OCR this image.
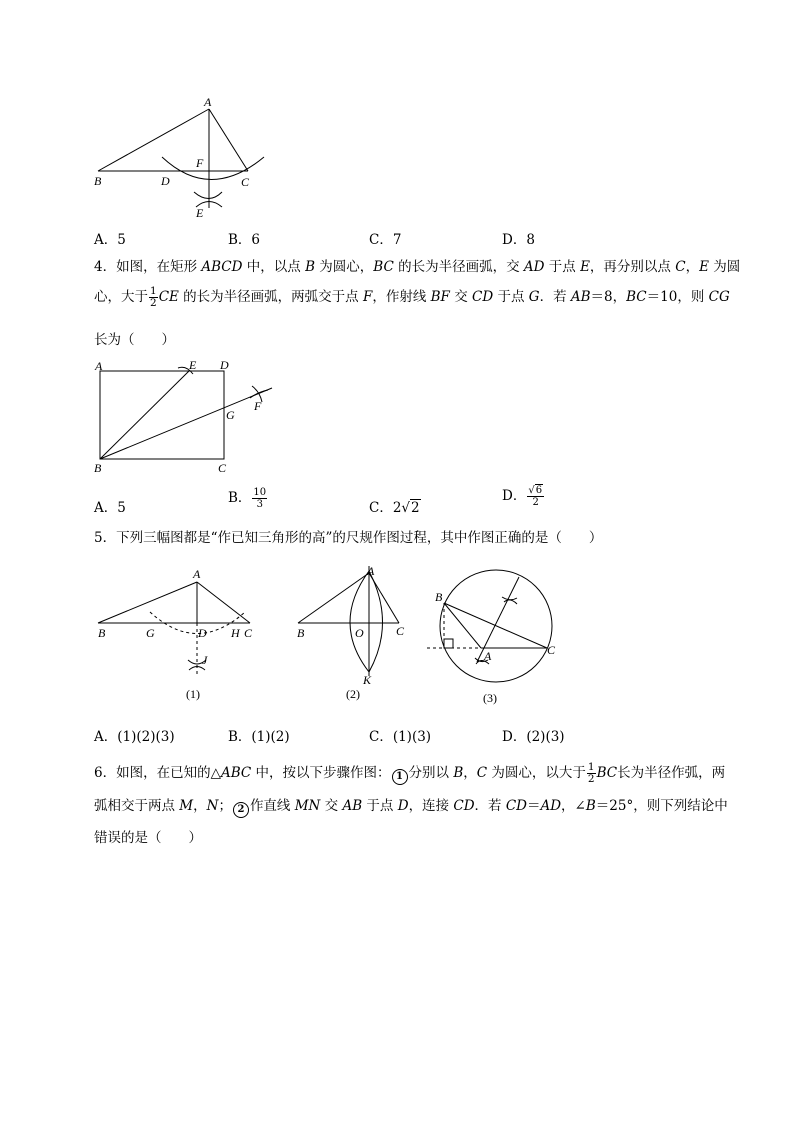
A
B	D	C
F
E
A．5	B．6	C．7	D．8
4．如图，在矩形 ABCD 中，以点 B 为圆心，BC 的长为半径画弧，交 AD 于点 E，再分别以点 C，E 为圆
心，大于 $\frac{1}{2}$ CE 的长为半径画弧，两弧交于点 F，作射线 BF 交 CD 于点 G．若 AB＝8，BC＝10，则 CG
长为（　　）
A	E D
G
F
B	C
A．5
B． $\frac{10}{3}$	C．2√2
D． $\frac{√6}{2}$
5．下列三幅图都是“作已知三角形的高”的尺规作图过程，其中作图正确的是（　　）
A
B	G	D H C
J
(1)
A
B	O	C
K
(2)
B
A	C
(3)
A．(1)(2)(3)	B．(1)(2)	C．(1)(3)	D．(2)(3)
6．如图，在已知的△ABC 中，按以下步骤作图： 1 分别以 B，C 为圆心，以大于 $\frac{1}{2}$ BC长为半径作弧，两
弧相交于两点 M，N； 2 作直线 MN 交 AB 于点 D，连接 CD．若 CD＝AD，∠B＝25°，则下列结论中
错误的是（　　）
